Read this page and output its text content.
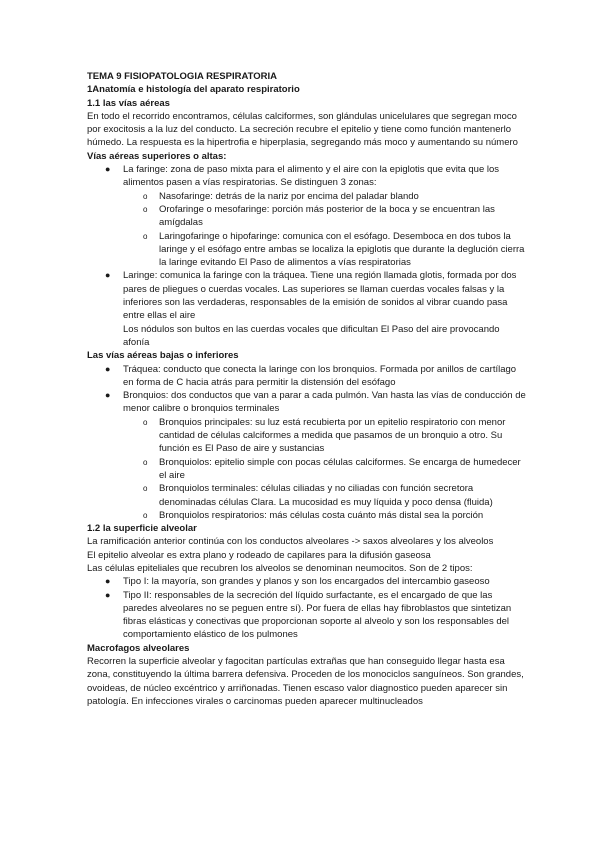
TEMA 9 FISIOPATOLOGIA RESPIRATORIA

1Anatomía e histología del aparato respiratorio

1.1 las vías aéreas

En todo el recorrido encontramos, células calciformes, son glándulas unicelulares que segregan moco por exocitosis a la luz del conducto. La secreción recubre el epitelio y tiene como función mantenerlo húmedo. La respuesta es la hipertrofia e hiperplasia, segregando más moco y aumentando su número

Vías aéreas superiores o altas:

● La faringe: zona de paso mixta para el alimento y el aire con la epiglotis que evita que los alimentos pasen a vías respiratorias. Se distinguen 3 zonas:
o Nasofaringe: detrás de la nariz por encima del paladar blando
o Orofaringe o mesofaringe: porción más posterior de la boca y se encuentran las amígdalas
o Laringofaringe o hipofaringe: comunica con el esófago. Desemboca en dos tubos la laringe y el esófago entre ambas se localiza la epiglotis que durante la deglución cierra la laringe evitando El Paso de alimentos a vías respiratorias
● Laringe: comunica la faringe con la tráquea. Tiene una región llamada glotis, formada por dos pares de pliegues o cuerdas vocales. Las superiores se llaman cuerdas vocales falsas y la inferiores son las verdaderas, responsables de la emisión de sonidos al vibrar cuando pasa entre ellas el aire
Los nódulos son bultos en las cuerdas vocales que dificultan El Paso del aire provocando afonía

Las vías aéreas bajas o inferiores

● Tráquea: conducto que conecta la laringe con los bronquios. Formada por anillos de cartílago en forma de C hacia atrás para permitir la distensión del esófago
● Bronquios: dos conductos que van a parar a cada pulmón. Van hasta las vías de conducción de menor calibre o bronquios terminales
o Bronquios principales: su luz está recubierta por un epitelio respiratorio con menor cantidad de células calciformes a medida que pasamos de un bronquio a otro. Su función es El Paso de aire y sustancias
o Bronquiolos: epitelio simple con pocas células calciformes. Se encarga de humedecer el aire
o Bronquiolos terminales: células ciliadas y no ciliadas con función secretora denominadas células Clara. La mucosidad es muy líquida y poco densa (fluida)
o Bronquiolos respiratorios: más células costa cuánto más distal sea la porción

1.2 la superficie alveolar

La ramificación anterior continúa con los conductos alveolares -> saxos alveolares y los alveolos

El epitelio alveolar es extra plano y rodeado de capilares para la difusión gaseosa

Las células epiteliales que recubren los alveolos se denominan neumocitos. Son de 2 tipos:

● Tipo I: la mayoría, son grandes y planos y son los encargados del intercambio gaseoso
● Tipo II: responsables de la secreción del líquido surfactante, es el encargado de que las paredes alveolares no se peguen entre sí). Por fuera de ellas hay fibroblastos que sintetizan fibras elásticas y conectivas que proporcionan soporte al alveolo y son los responsables del comportamiento elástico de los pulmones

Macrofagos alveolares

Recorren la superficie alveolar y fagocitan partículas extrañas que han conseguido llegar hasta esa zona, constituyendo la última barrera defensiva. Proceden de los monociclos sanguíneos. Son grandes, ovoideas, de núcleo excéntrico y arriñonadas. Tienen escaso valor diagnostico pueden aparecer sin patología. En infecciones virales o carcinomas pueden aparecer multinucleados
